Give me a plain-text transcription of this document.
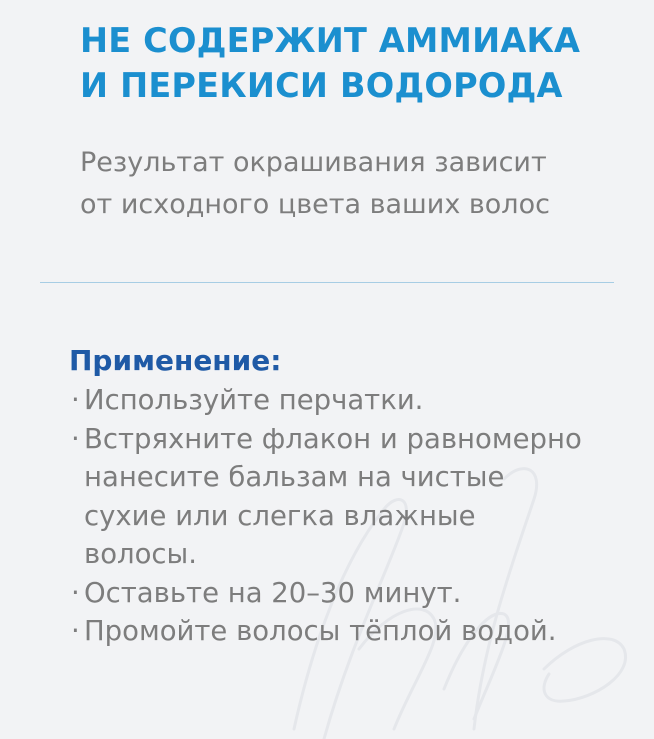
НЕ СОДЕРЖИТ АММИАКА
И ПЕРЕКИСИ ВОДОРОДА
Результат окрашивания зависит
от исходного цвета ваших волос
Применение:
· Используйте перчатки.
· Встряхните флакон и равномерно
нанесите бальзам на чистые
сухие или слегка влажные
волосы.
· Оставьте на 20–30 минут.
· Промойте волосы тёплой водой.
